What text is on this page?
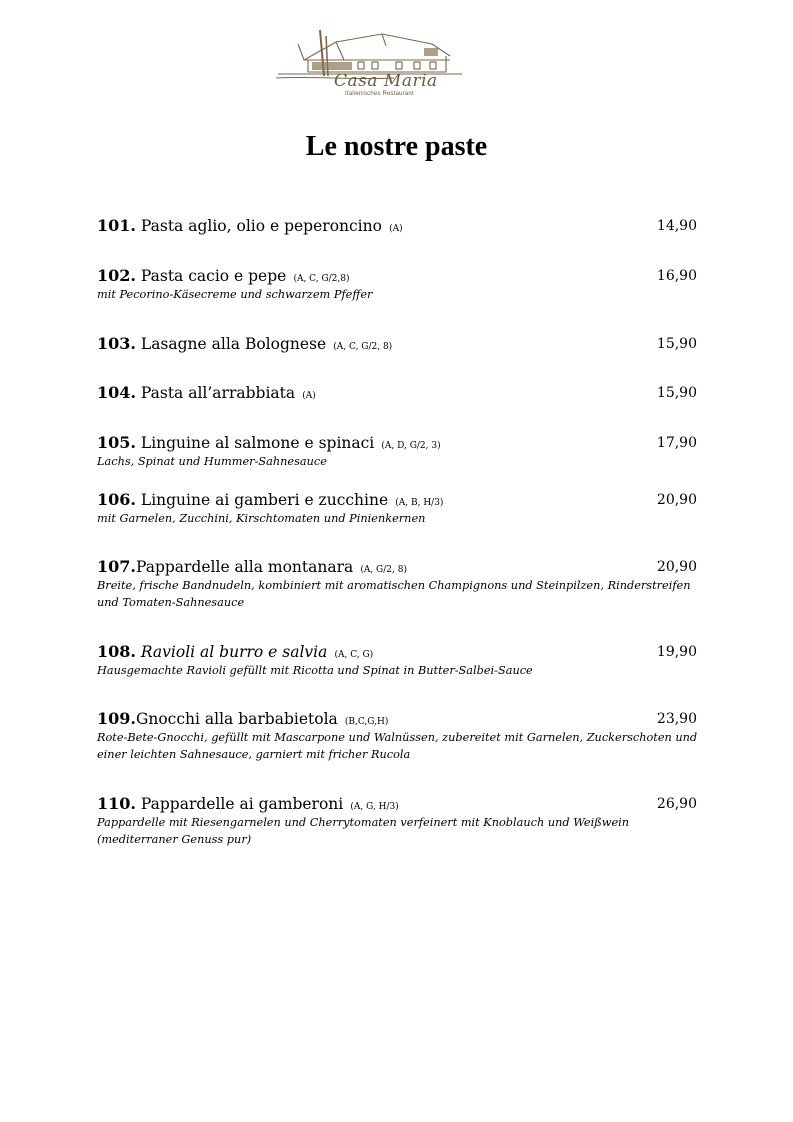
Casa Maria
Italienisches Restaurant
Le nostre paste
101. Pasta aglio, olio e peperoncino (A)	14,90
102. Pasta cacio e pepe (A, C, G/2,8)	16,90
mit Pecorino-Käsecreme und schwarzem Pfeffer
103. Lasagne alla Bolognese (A, C, G/2, 8)	15,90
104. Pasta all’arrabbiata (A)	15,90
105. Linguine al salmone e spinaci (A, D, G/2, 3)	17,90
Lachs, Spinat und Hummer-Sahnesauce
106. Linguine ai gamberi e zucchine (A, B, H/3)	20,90
mit Garnelen, Zucchini, Kirschtomaten und Pinienkernen
107.Pappardelle alla montanara (A, G/2, 8)	20,90
Breite, frische Bandnudeln, kombiniert mit aromatischen Champignons und Steinpilzen, Rinderstreifen und Tomaten-Sahnesauce
108. Ravioli al burro e salvia (A, C, G)	19,90
Hausgemachte Ravioli gefüllt mit Ricotta und Spinat in Butter-Salbei-Sauce
109.Gnocchi alla barbabietola (B,C,G,H)	23,90
Rote-Bete-Gnocchi, gefüllt mit Mascarpone und Walnüssen, zubereitet mit Garnelen, Zuckerschoten und einer leichten Sahnesauce, garniert mit fricher Rucola
110. Pappardelle ai gamberoni (A, G, H/3)	26,90
Pappardelle mit Riesengarnelen und Cherrytomaten verfeinert mit Knoblauch und Weißwein (mediterraner Genuss pur)
